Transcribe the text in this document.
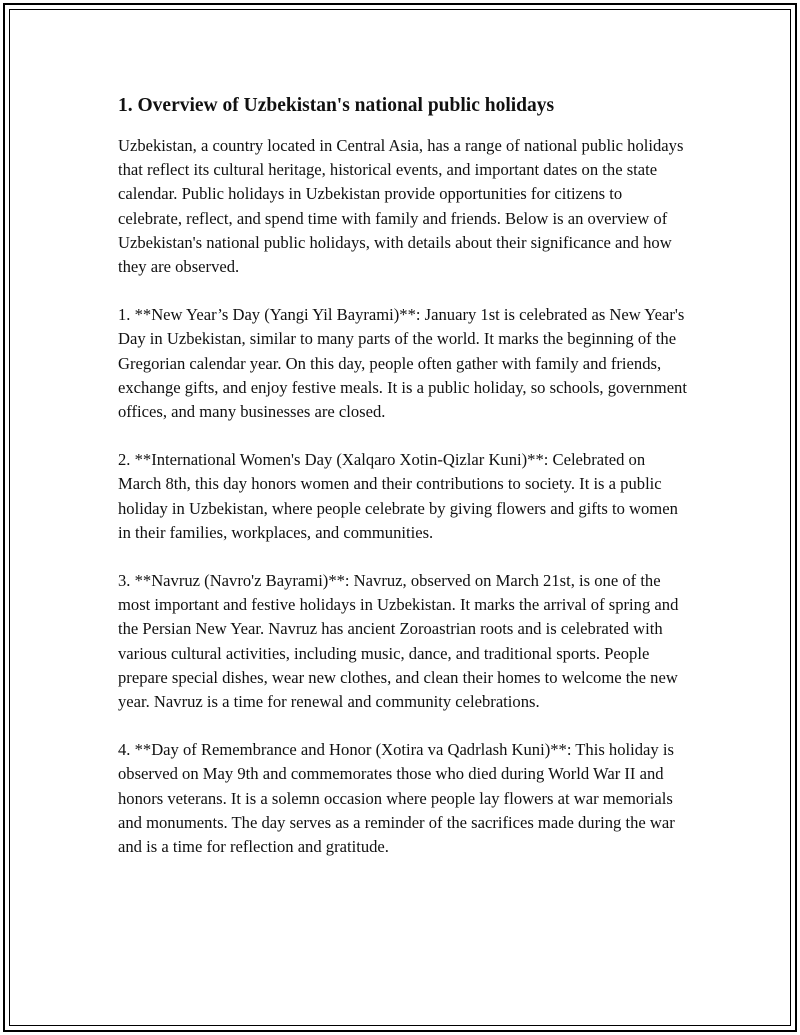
1. Overview of Uzbekistan's national public holidays

Uzbekistan, a country located in Central Asia, has a range of national public holidays that reflect its cultural heritage, historical events, and important dates on the state calendar. Public holidays in Uzbekistan provide opportunities for citizens to celebrate, reflect, and spend time with family and friends. Below is an overview of Uzbekistan's national public holidays, with details about their significance and how they are observed.

1. **New Year’s Day (Yangi Yil Bayrami)**: January 1st is celebrated as New Year's Day in Uzbekistan, similar to many parts of the world. It marks the beginning of the Gregorian calendar year. On this day, people often gather with family and friends, exchange gifts, and enjoy festive meals. It is a public holiday, so schools, government offices, and many businesses are closed.

2. **International Women's Day (Xalqaro Xotin-Qizlar Kuni)**: Celebrated on March 8th, this day honors women and their contributions to society. It is a public holiday in Uzbekistan, where people celebrate by giving flowers and gifts to women in their families, workplaces, and communities.

3. **Navruz (Navro'z Bayrami)**: Navruz, observed on March 21st, is one of the most important and festive holidays in Uzbekistan. It marks the arrival of spring and the Persian New Year. Navruz has ancient Zoroastrian roots and is celebrated with various cultural activities, including music, dance, and traditional sports. People prepare special dishes, wear new clothes, and clean their homes to welcome the new year. Navruz is a time for renewal and community celebrations.

4. **Day of Remembrance and Honor (Xotira va Qadrlash Kuni)**: This holiday is observed on May 9th and commemorates those who died during World War II and honors veterans. It is a solemn occasion where people lay flowers at war memorials and monuments. The day serves as a reminder of the sacrifices made during the war and is a time for reflection and gratitude.
